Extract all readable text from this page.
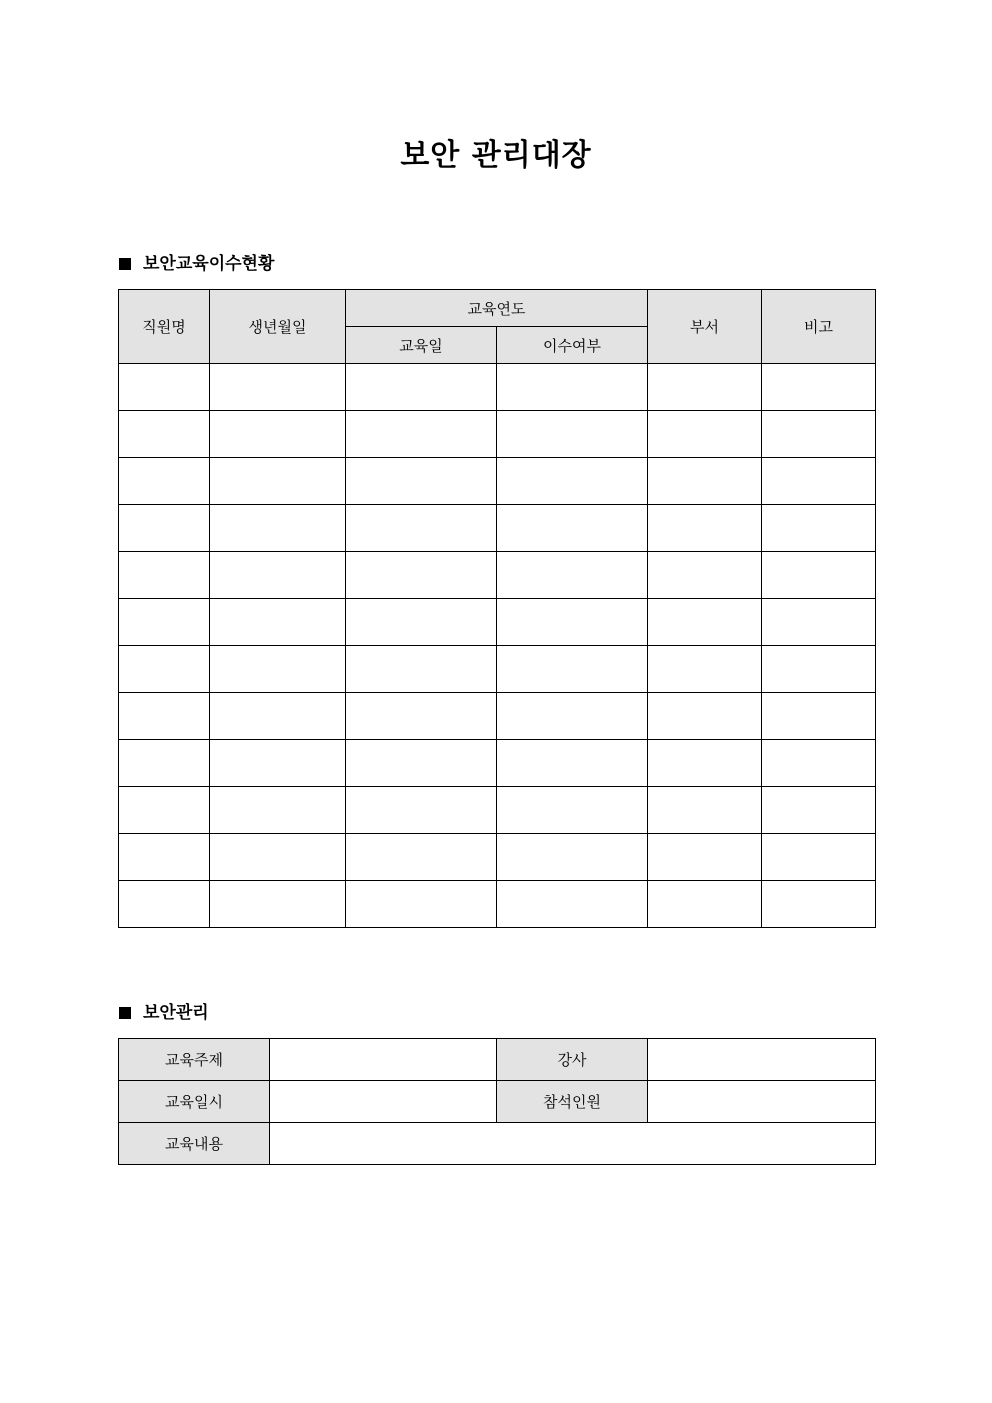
보안 관리대장
보안교육이수현황
직원명	생년월일	교육연도		부서	비고
		교육일	이수여부		

보안관리
교육주제		강사	
교육일시		참석인원	
교육내용			
